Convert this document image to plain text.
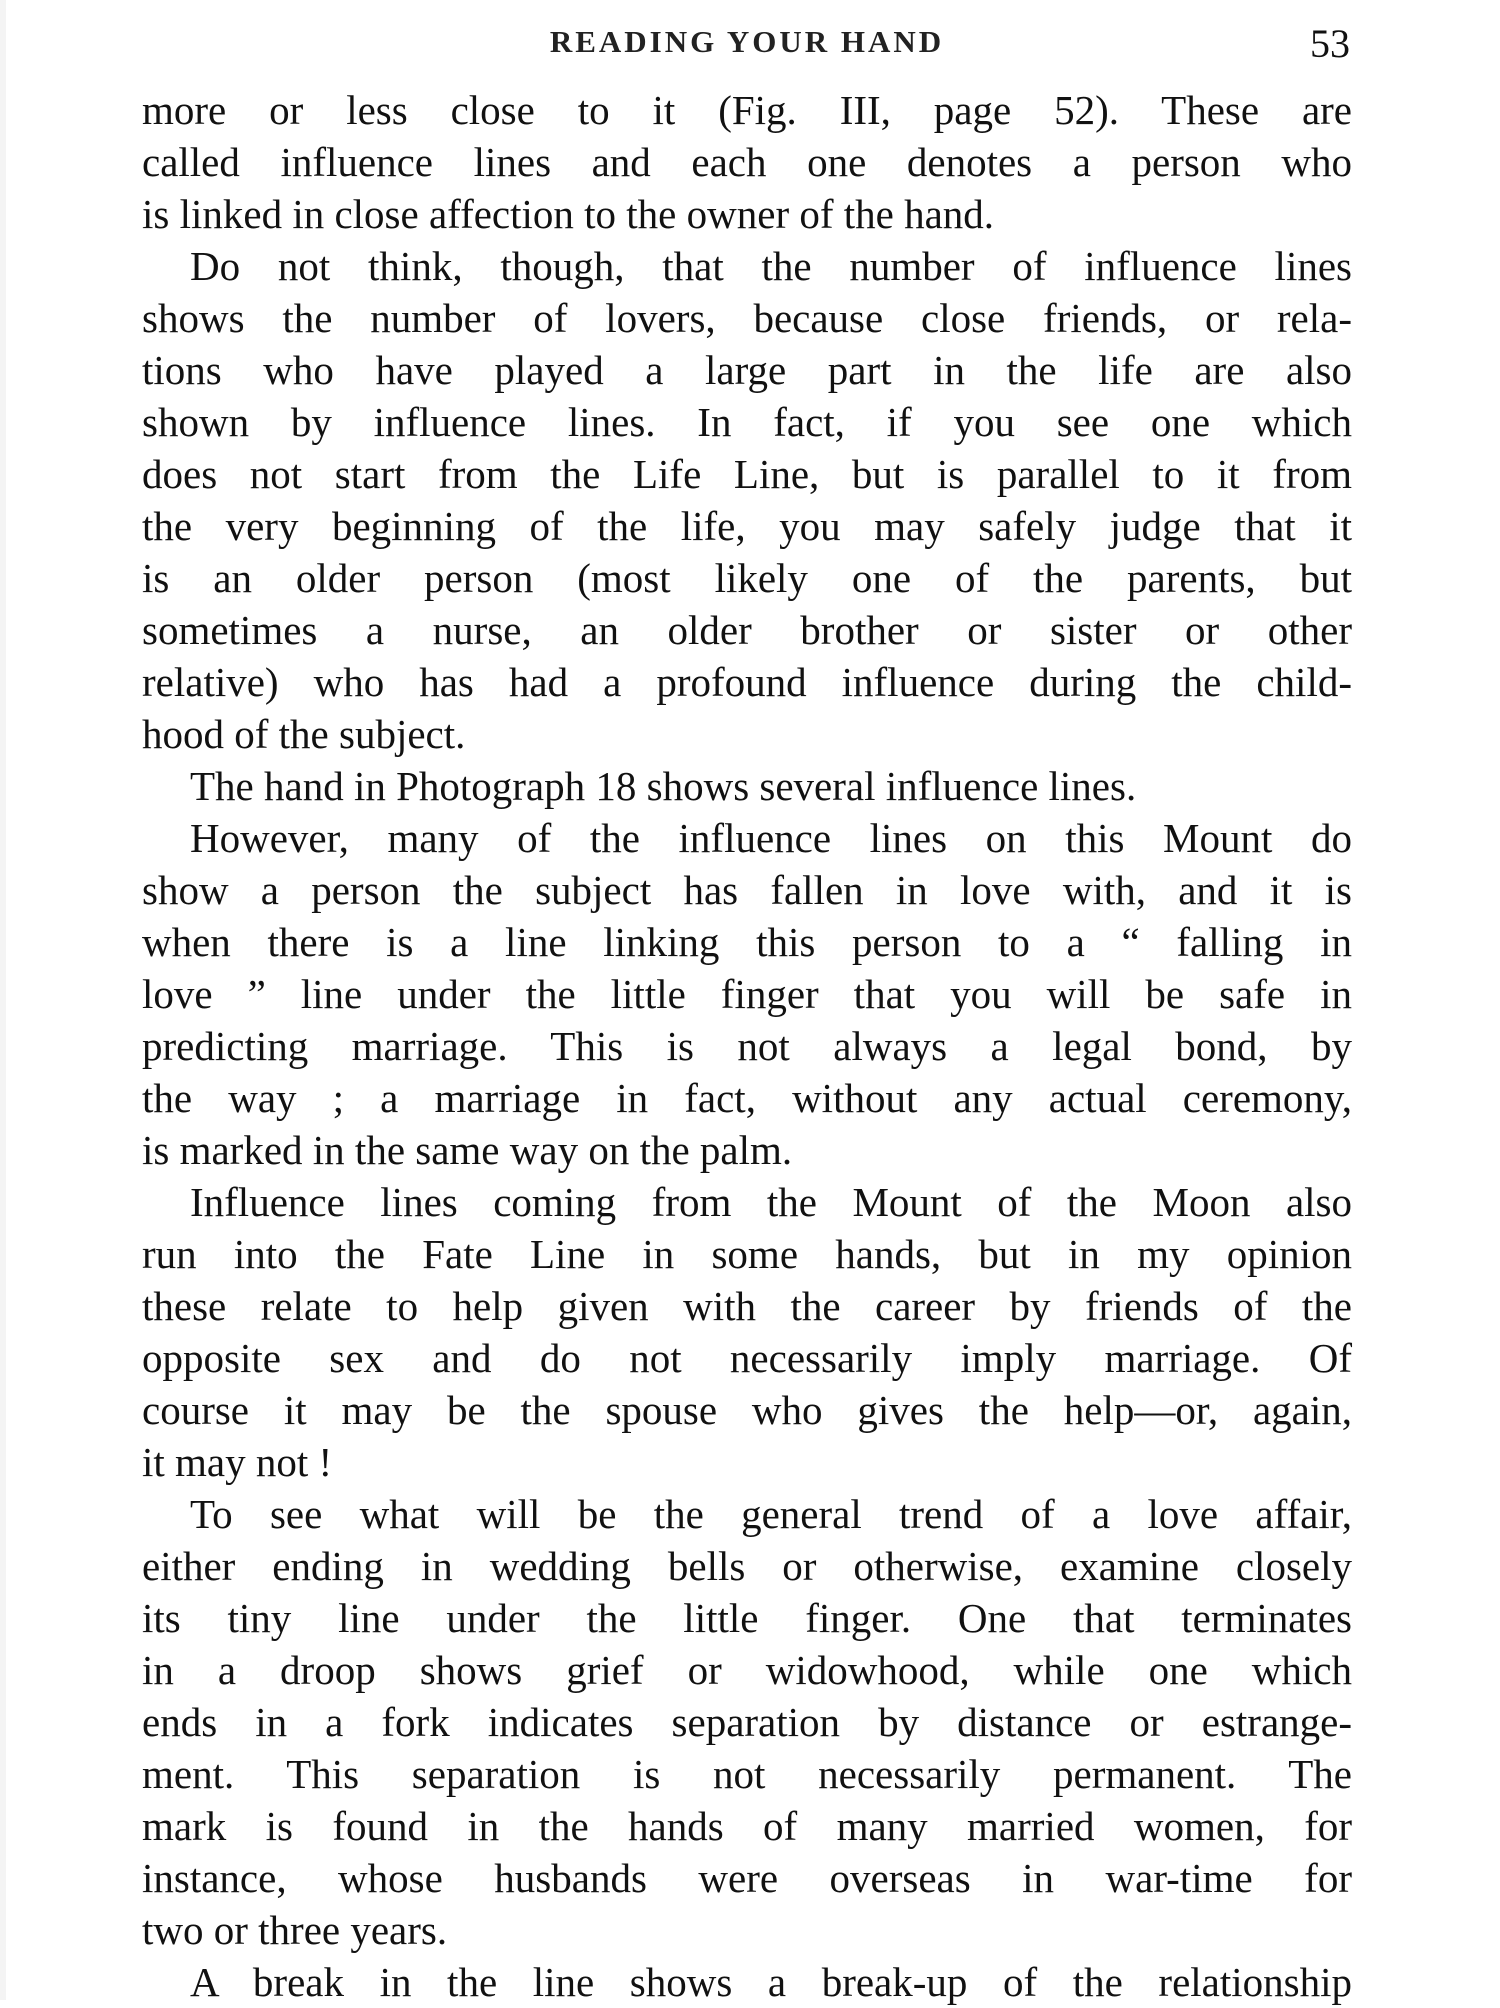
READING YOUR HAND	53
more or less close to it (Fig. III, page 52). These are
called influence lines and each one denotes a person who
is linked in close affection to the owner of the hand.
Do not think, though, that the number of influence lines
shows the number of lovers, because close friends, or rela-
tions who have played a large part in the life are also
shown by influence lines. In fact, if you see one which
does not start from the Life Line, but is parallel to it from
the very beginning of the life, you may safely judge that it
is an older person (most likely one of the parents, but
sometimes a nurse, an older brother or sister or other
relative) who has had a profound influence during the child-
hood of the subject.
The hand in Photograph 18 shows several influence lines.
However, many of the influence lines on this Mount do
show a person the subject has fallen in love with, and it is
when there is a line linking this person to a “ falling in
love ” line under the little finger that you will be safe in
predicting marriage. This is not always a legal bond, by
the way ; a marriage in fact, without any actual ceremony,
is marked in the same way on the palm.
Influence lines coming from the Mount of the Moon also
run into the Fate Line in some hands, but in my opinion
these relate to help given with the career by friends of the
opposite sex and do not necessarily imply marriage. Of
course it may be the spouse who gives the help—or, again,
it may not !
To see what will be the general trend of a love affair,
either ending in wedding bells or otherwise, examine closely
its tiny line under the little finger. One that terminates
in a droop shows grief or widowhood, while one which
ends in a fork indicates separation by distance or estrange-
ment. This separation is not necessarily permanent. The
mark is found in the hands of many married women, for
instance, whose husbands were overseas in war-time for
two or three years.
A break in the line shows a break-up of the relationship
